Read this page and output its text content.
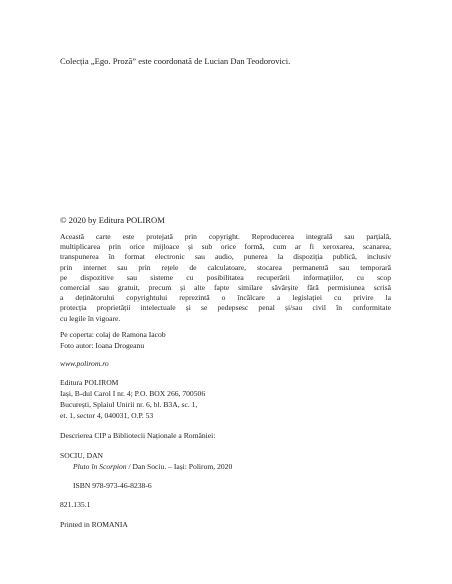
Colecția „Ego. Proză” este coordonată de Lucian Dan Teodorovici.
© 2020 by Editura POLIROM
Această carte este protejată prin copyright. Reproducerea integrală sau parțială,
multiplicarea prin orice mijloace și sub orice formă, cum ar fi xeroxarea, scanarea,
transpunerea în format electronic sau audio, punerea la dispoziția publică, inclusiv
prin internet sau prin rețele de calculatoare, stocarea permanentă sau temporară
pe dispozitive sau sisteme cu posibilitatea recuperării informațiilor, cu scop
comercial sau gratuit, precum și alte fapte similare săvârșite fără permisiunea scrisă
a deținătorului copyrightului reprezintă o încălcare a legislației cu privire la
protecția proprietății intelectuale și se pedepsesc penal și/sau civil în conformitate
cu legile în vigoare.
Pe coperta: colaj de Ramona Iacob
Foto autor: Ioana Drogeanu
www.polirom.ro
Editura POLIROM
Iași, B-dul Carol I nr. 4; P.O. BOX 266, 700506
București, Splaiul Unirii nr. 6, bl. B3A, sc. 1,
et. 1, sector 4, 040031, O.P. 53
Descrierea CIP a Bibliotecii Naționale a României:
SOCIU, DAN
Pluto în Scorpion / Dan Sociu. – Iași: Polirom, 2020
ISBN 978-973-46-8238-6
821.135.1
Printed in ROMANIA
